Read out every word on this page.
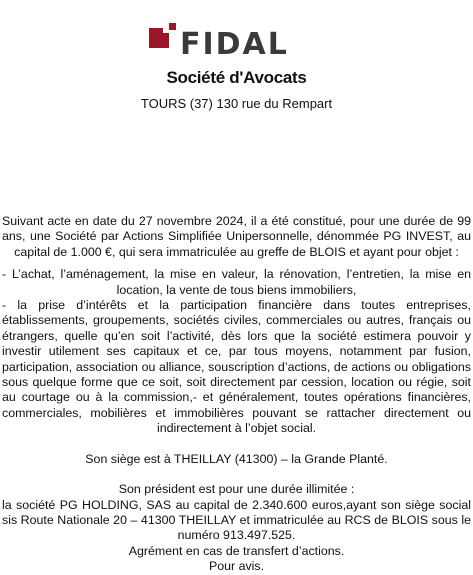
FIDAL
Société d'Avocats
TOURS (37) 130 rue du Rempart

Suivant acte en date du 27 novembre 2024, il a été constitué, pour une durée de 99 ans, une Société par Actions Simplifiée Unipersonnelle, dénommée PG INVEST, au capital de 1.000 €, qui sera immatriculée au greffe de BLOIS et ayant pour objet :

- L’achat, l’aménagement, la mise en valeur, la rénovation, l’entretien, la mise en location, la vente de tous biens immobiliers,

- la prise d’intérêts et la participation financière dans toutes entreprises, établissements, groupements, sociétés civiles, commerciales ou autres, français ou étrangers, quelle qu’en soit l’activité, dès lors que la société estimera pouvoir y investir utilement ses capitaux et ce, par tous moyens, notamment par fusion, participation, association ou alliance, souscription d’actions, de actions ou obligations sous quelque forme que ce soit, soit directement par cession, location ou régie, soit au courtage ou à la commission,- et généralement, toutes opérations financières, commerciales, mobilières et immobilières pouvant se rattacher directement ou indirectement à l’objet social.

Son siège est à THEILLAY (41300) – la Grande Planté.

Son président est pour une durée illimitée :

la société PG HOLDING, SAS au capital de 2.340.600 euros,ayant son siège social sis Route Nationale 20 – 41300 THEILLAY et immatriculée au RCS de BLOIS sous le numéro 913.497.525.

Agrément en cas de transfert d’actions.

Pour avis.
